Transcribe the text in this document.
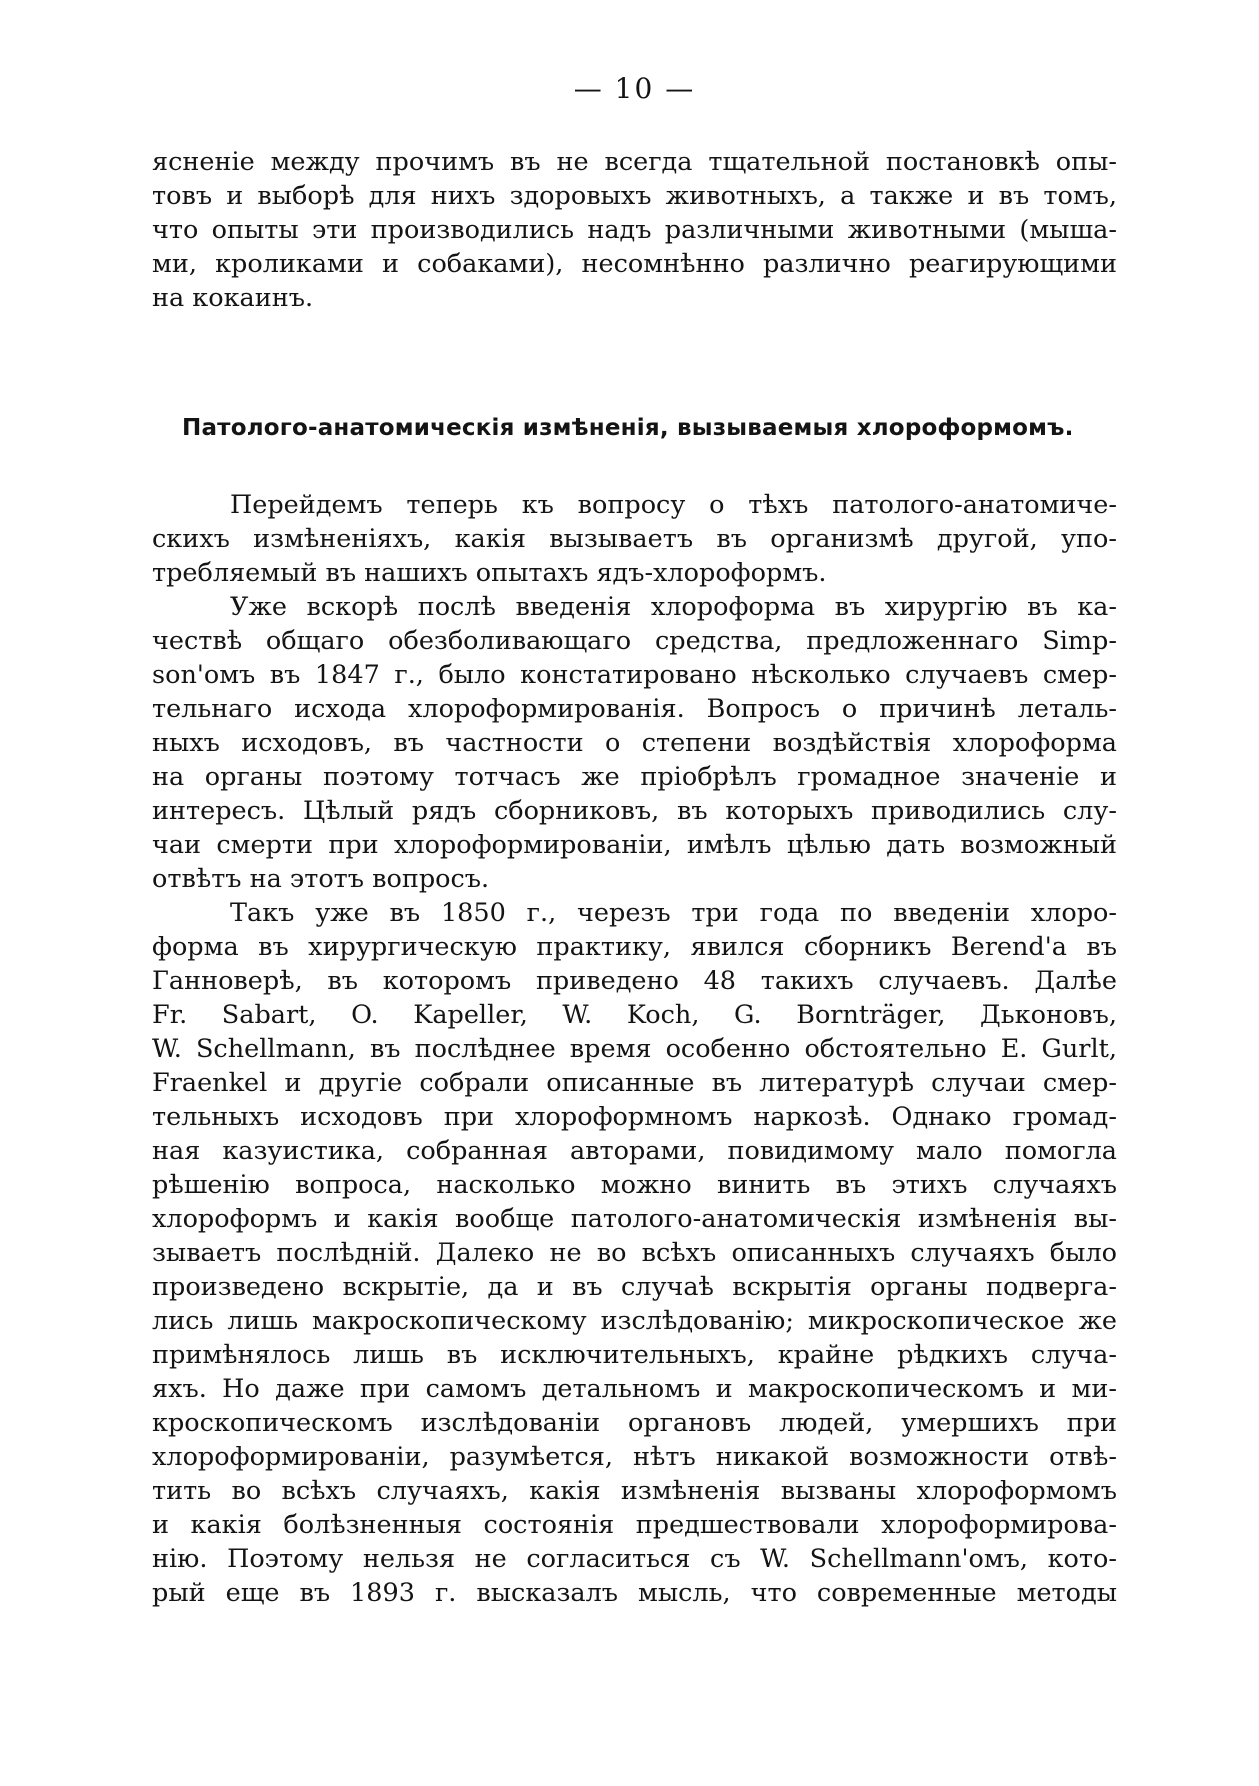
— 10 —
ясненіе между прочимъ въ не всегда тщательной постановкѣ опы-
товъ и выборѣ для нихъ здоровыхъ животныхъ, а также и въ томъ,
что опыты эти производились надъ различными животными (мыша-
ми, кроликами и собаками), несомнѣнно различно реагирующими
на кокаинъ.
Патолого-анатомическія измѣненія, вызываемыя хлороформомъ.
Перейдемъ теперь къ вопросу о тѣхъ патолого-анатомиче-
скихъ измѣненіяхъ, какія вызываетъ въ организмѣ другой, упо-
требляемый въ нашихъ опытахъ ядъ-хлороформъ.
Уже вскорѣ послѣ введенія хлороформа въ хирургію въ ка-
чествѣ общаго обезболивающаго средства, предложеннаго Simp-
son'омъ въ 1847 г., было констатировано нѣсколько случаевъ смер-
тельнаго исхода хлороформированія. Вопросъ о причинѣ леталь-
ныхъ исходовъ, въ частности о степени воздѣйствія хлороформа
на органы поэтому тотчасъ же пріобрѣлъ громадное значеніе и
интересъ. Цѣлый рядъ сборниковъ, въ которыхъ приводились слу-
чаи смерти при хлороформированіи, имѣлъ цѣлью дать возможный
отвѣтъ на этотъ вопросъ.
Такъ уже въ 1850 г., черезъ три года по введеніи хлоро-
форма въ хирургическую практику, явился сборникъ Berend'а въ
Ганноверѣ, въ которомъ приведено 48 такихъ случаевъ. Далѣе
Fr. Sabart, O. Kapeller, W. Koch, G. Bornträger, Дьконовъ,
W. Schellmann, въ послѣднее время особенно обстоятельно E. Gurlt,
Fraenkel и другіе собрали описанные въ литературѣ случаи смер-
тельныхъ исходовъ при хлороформномъ наркозѣ. Однако громад-
ная казуистика, собранная авторами, повидимому мало помогла
рѣшенію вопроса, насколько можно винить въ этихъ случаяхъ
хлороформъ и какія вообще патолого-анатомическія измѣненія вы-
зываетъ послѣдній. Далеко не во всѣхъ описанныхъ случаяхъ было
произведено вскрытіе, да и въ случаѣ вскрытія органы подверга-
лись лишь макроскопическому изслѣдованію; микроскопическое же
примѣнялось лишь въ исключительныхъ, крайне рѣдкихъ случа-
яхъ. Но даже при самомъ детальномъ и макроскопическомъ и ми-
кроскопическомъ изслѣдованіи органовъ людей, умершихъ при
хлороформированіи, разумѣется, нѣтъ никакой возможности отвѣ-
тить во всѣхъ случаяхъ, какія измѣненія вызваны хлороформомъ
и какія болѣзненныя состоянія предшествовали хлороформирова-
нію. Поэтому нельзя не согласиться съ W. Schellmann'омъ, кото-
рый еще въ 1893 г. высказалъ мысль, что современные методы
